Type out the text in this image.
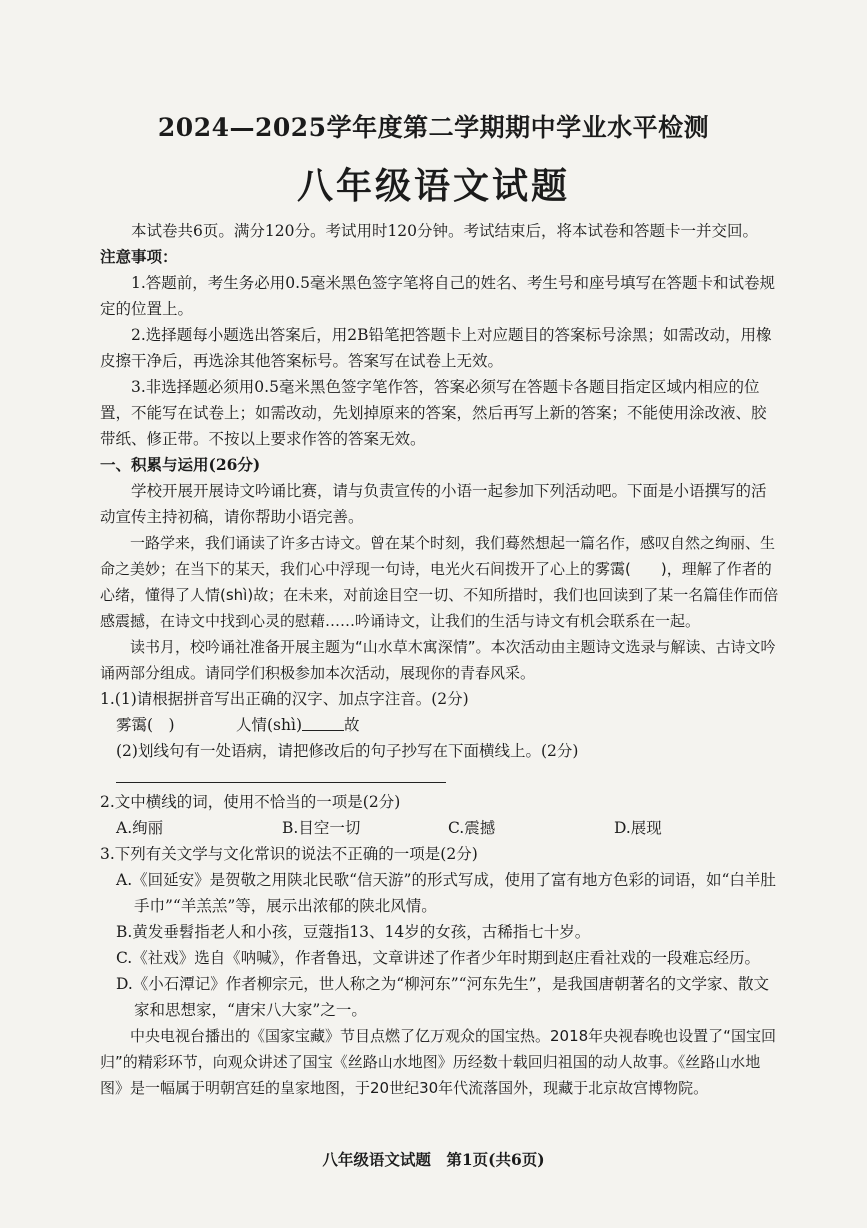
2024—2025学年度第二学期期中学业水平检测
八年级语文试题

本试卷共6页。满分120分。考试用时120分钟。考试结束后，将本试卷和答题卡一并交回。

注意事项：

1.答题前，考生务必用0.5毫米黑色签字笔将自己的姓名、考生号和座号填写在答题卡和试卷规定的位置上。

2.选择题每小题选出答案后，用2B铅笔把答题卡上对应题目的答案标号涂黑；如需改动，用橡皮擦干净后，再选涂其他答案标号。答案写在试卷上无效。

3.非选择题必须用0.5毫米黑色签字笔作答，答案必须写在答题卡各题目指定区域内相应的位置，不能写在试卷上；如需改动，先划掉原来的答案，然后再写上新的答案；不能使用涂改液、胶带纸、修正带。不按以上要求作答的答案无效。

一、积累与运用(26分)

学校开展开展诗文吟诵比赛，请与负责宣传的小语一起参加下列活动吧。下面是小语撰写的活动宣传主持初稿，请你帮助小语完善。

一路学来，我们诵读了许多古诗文。曾在某个时刻，我们蓦然想起一篇名作，感叹自然之绚丽、生命之美妙；在当下的某天，我们心中浮现一句诗，电光火石间拨开了心上的雾霭(　　)，理解了作者的心绪，懂得了人情(shì)故；在未来，对前途目空一切、不知所措时，我们也回读到了某一名篇佳作而倍感震撼，在诗文中找到心灵的慰藉……吟诵诗文，让我们的生活与诗文有机会联系在一起。

读书月，校吟诵社准备开展主题为“山水草木寓深情”。本次活动由主题诗文选录与解读、古诗文吟诵两部分组成。请同学们积极参加本次活动，展现你的青春风采。

1.(1)请根据拼音写出正确的汉字、加点字注音。(2分)

雾霭(　)	人情(shì)	故

(2)划线句有一处语病，请把修改后的句子抄写在下面横线上。(2分)

2.文中横线的词，使用不恰当的一项是(2分)

A.绚丽	B.目空一切	C.震撼	D.展现

3.下列有关文学与文化常识的说法不正确的一项是(2分)

A.《回延安》是贺敬之用陕北民歌“信天游”的形式写成，使用了富有地方色彩的词语，如“白羊肚手巾”“羊羔羔”等，展示出浓郁的陕北风情。

B.黄发垂髫指老人和小孩，豆蔻指13、14岁的女孩，古稀指七十岁。

C.《社戏》选自《呐喊》，作者鲁迅，文章讲述了作者少年时期到赵庄看社戏的一段难忘经历。

D.《小石潭记》作者柳宗元，世人称之为“柳河东”“河东先生”，是我国唐朝著名的文学家、散文家和思想家，“唐宋八大家”之一。

中央电视台播出的《国家宝藏》节目点燃了亿万观众的国宝热。2018年央视春晚也设置了“国宝回归”的精彩环节，向观众讲述了国宝《丝路山水地图》历经数十载回归祖国的动人故事。《丝路山水地图》是一幅属于明朝宫廷的皇家地图，于20世纪30年代流落国外，现藏于北京故宫博物院。

八年级语文试题　第1页(共6页)
